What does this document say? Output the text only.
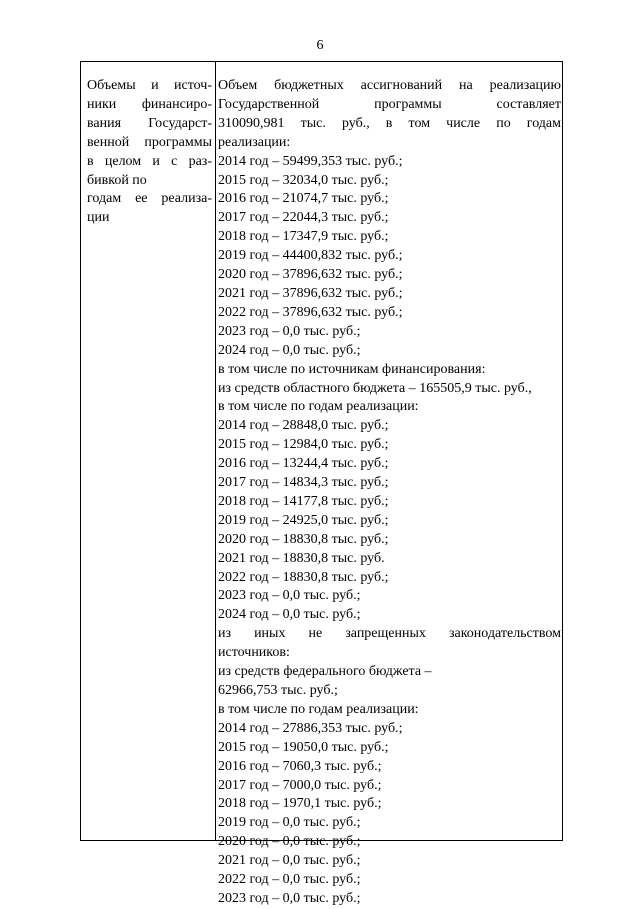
6
Объемы и источ-
ники финансиро-
вания Государст-
венной программы
в целом и с раз-
бивкой по
годам ее реализа-
ции
Объем бюджетных ассигнований на реализацию
Государственной программы составляет
310090,981 тыс. руб., в том числе по годам
реализации:
2014 год – 59499,353 тыс. руб.;
2015 год – 32034,0 тыс. руб.;
2016 год – 21074,7 тыс. руб.;
2017 год – 22044,3 тыс. руб.;
2018 год – 17347,9 тыс. руб.;
2019 год – 44400,832 тыс. руб.;
2020 год – 37896,632 тыс. руб.;
2021 год – 37896,632 тыс. руб.;
2022 год – 37896,632 тыс. руб.;
2023 год – 0,0 тыс. руб.;
2024 год – 0,0 тыс. руб.;
в том числе по источникам финансирования:
из средств областного бюджета – 165505,9 тыс. руб.,
в том числе по годам реализации:
2014 год – 28848,0 тыс. руб.;
2015 год – 12984,0 тыс. руб.;
2016 год – 13244,4 тыс. руб.;
2017 год – 14834,3 тыс. руб.;
2018 год – 14177,8 тыс. руб.;
2019 год – 24925,0 тыс. руб.;
2020 год – 18830,8 тыс. руб.;
2021 год – 18830,8 тыс. руб.
2022 год – 18830,8 тыс. руб.;
2023 год – 0,0 тыс. руб.;
2024 год – 0,0 тыс. руб.;
из иных не запрещенных законодательством
источников:
из средств федерального бюджета –
62966,753 тыс. руб.;
в том числе по годам реализации:
2014 год – 27886,353 тыс. руб.;
2015 год – 19050,0 тыс. руб.;
2016 год – 7060,3 тыс. руб.;
2017 год – 7000,0 тыс. руб.;
2018 год – 1970,1 тыс. руб.;
2019 год – 0,0 тыс. руб.;
2020 год – 0,0 тыс. руб.;
2021 год – 0,0 тыс. руб.;
2022 год – 0,0 тыс. руб.;
2023 год – 0,0 тыс. руб.;
